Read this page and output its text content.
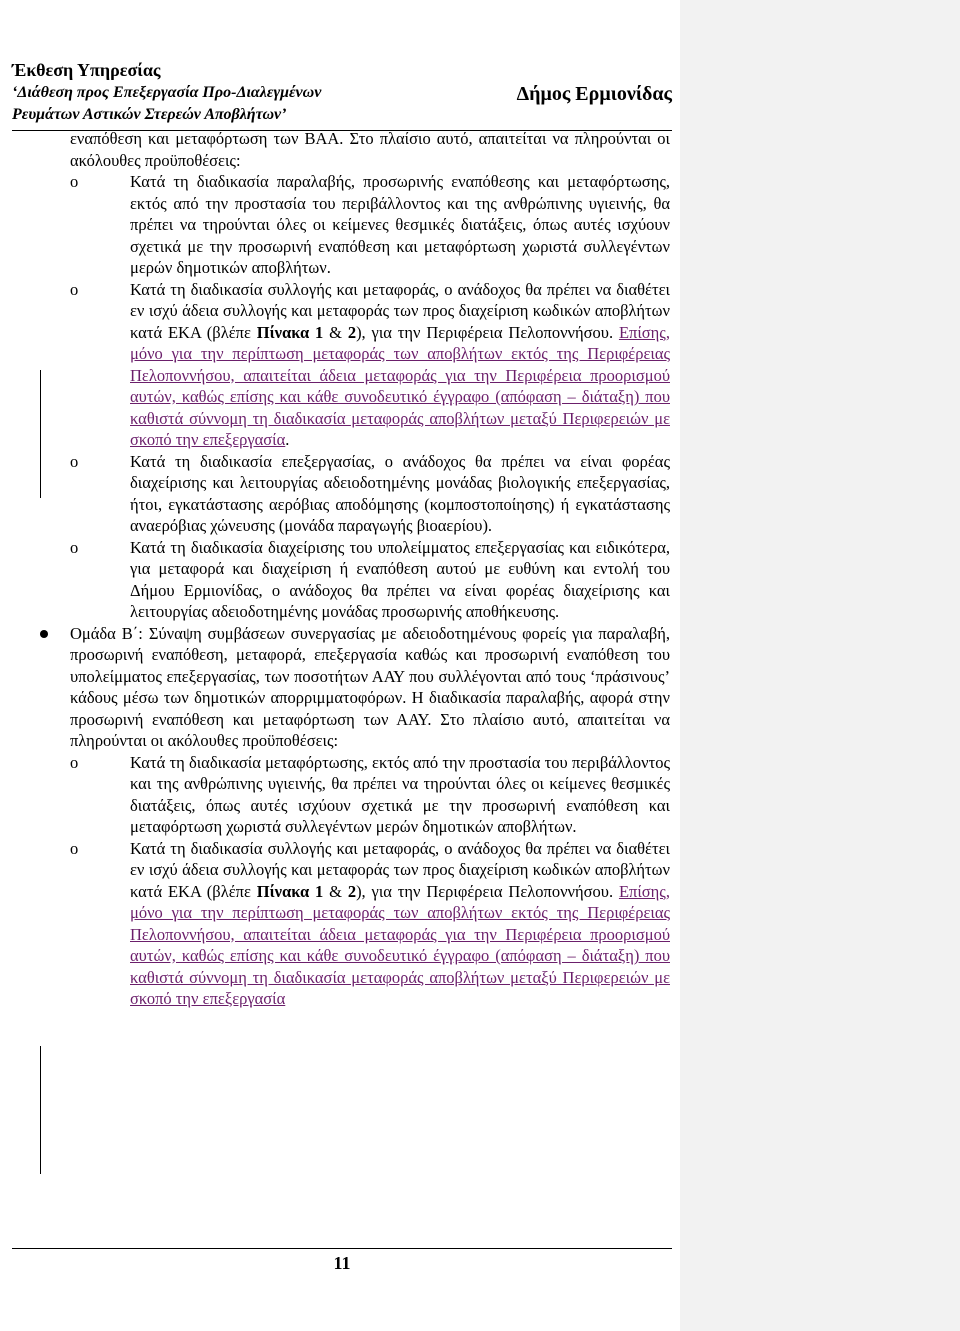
Έκθεση Υπηρεσίας
‘Διάθεση προς Επεξεργασία Προ-Διαλεγμένων
Ρευμάτων Αστικών Στερεών Αποβλήτων’
Δήμος Ερμιονίδας

εναπόθεση και μεταφόρτωση των ΒΑΑ. Στο πλαίσιο αυτό, απαιτείται να πληρούνται οι ακόλουθες προϋποθέσεις:

o	Κατά τη διαδικασία παραλαβής, προσωρινής εναπόθεσης και μεταφόρτωσης, εκτός από την προστασία του περιβάλλοντος και της ανθρώπινης υγιεινής, θα πρέπει να τηρούνται όλες οι κείμενες θεσμικές διατάξεις, όπως αυτές ισχύουν σχετικά με την προσωρινή εναπόθεση και μεταφόρτωση χωριστά συλλεγέντων μερών δημοτικών αποβλήτων.
o	Κατά τη διαδικασία συλλογής και μεταφοράς, ο ανάδοχος θα πρέπει να διαθέτει εν ισχύ άδεια συλλογής και μεταφοράς των προς διαχείριση κωδικών αποβλήτων κατά ΕΚΑ (βλέπε Πίνακα 1 & 2), για την Περιφέρεια Πελοποννήσου. Επίσης, μόνο για την περίπτωση μεταφοράς των αποβλήτων εκτός της Περιφέρειας Πελοποννήσου, απαιτείται άδεια μεταφοράς για την Περιφέρεια προορισμού αυτών, καθώς επίσης και κάθε συνοδευτικό έγγραφο (απόφαση – διάταξη) που καθιστά σύννομη τη διαδικασία μεταφοράς αποβλήτων μεταξύ Περιφερειών με σκοπό την επεξεργασία.
o	Κατά τη διαδικασία επεξεργασίας, ο ανάδοχος θα πρέπει να είναι φορέας διαχείρισης και λειτουργίας αδειοδοτημένης μονάδας βιολογικής επεξεργασίας, ήτοι, εγκατάστασης αερόβιας αποδόμησης (κομποστοποίησης) ή εγκατάστασης αναερόβιας χώνευσης (μονάδα παραγωγής βιοαερίου).
o	Κατά τη διαδικασία διαχείρισης του υπολείμματος επεξεργασίας και ειδικότερα, για μεταφορά και διαχείριση ή εναπόθεση αυτού με ευθύνη και εντολή του Δήμου Ερμιονίδας, ο ανάδοχος θα πρέπει να είναι φορέας διαχείρισης και λειτουργίας αδειοδοτημένης μονάδας προσωρινής αποθήκευσης.
Ομάδα Β΄: Σύναψη συμβάσεων συνεργασίας με αδειοδοτημένους φορείς για παραλαβή, προσωρινή εναπόθεση, μεταφορά, επεξεργασία καθώς και προσωρινή εναπόθεση του υπολείμματος επεξεργασίας, των ποσοτήτων ΑΑΥ που συλλέγονται από τους ‘πράσινους’ κάδους μέσω των δημοτικών απορριμματοφόρων. Η διαδικασία παραλαβής, αφορά στην προσωρινή εναπόθεση και μεταφόρτωση των ΑΑΥ. Στο πλαίσιο αυτό, απαιτείται να πληρούνται οι ακόλουθες προϋποθέσεις:
o	Κατά τη διαδικασία μεταφόρτωσης, εκτός από την προστασία του περιβάλλοντος και της ανθρώπινης υγιεινής, θα πρέπει να τηρούνται όλες οι κείμενες θεσμικές διατάξεις, όπως αυτές ισχύουν σχετικά με την προσωρινή εναπόθεση και μεταφόρτωση χωριστά συλλεγέντων μερών δημοτικών αποβλήτων.
o	Κατά τη διαδικασία συλλογής και μεταφοράς, ο ανάδοχος θα πρέπει να διαθέτει εν ισχύ άδεια συλλογής και μεταφοράς των προς διαχείριση κωδικών αποβλήτων κατά ΕΚΑ (βλέπε Πίνακα 1 & 2), για την Περιφέρεια Πελοποννήσου. Επίσης, μόνο για την περίπτωση μεταφοράς των αποβλήτων εκτός της Περιφέρειας Πελοποννήσου, απαιτείται άδεια μεταφοράς για την Περιφέρεια προορισμού αυτών, καθώς επίσης και κάθε συνοδευτικό έγγραφο (απόφαση – διάταξη) που καθιστά σύννομη τη διαδικασία μεταφοράς αποβλήτων μεταξύ Περιφερειών με σκοπό την επεξεργασία
11
